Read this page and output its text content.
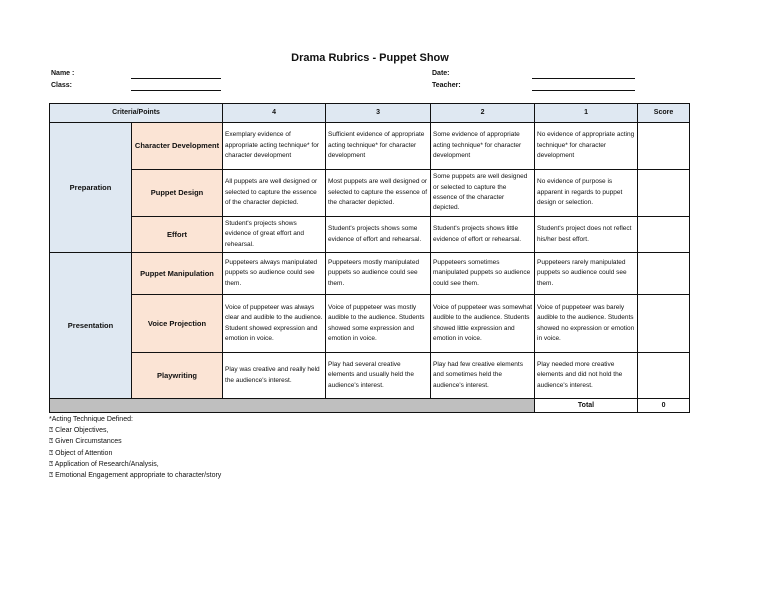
Drama Rubrics - Puppet Show
Name :
Class:
Date:
Teacher:
Criteria/Points		4	3	2	1	Score
Preparation	Character Development	Exemplary evidence of appropriate acting technique* for character development	Sufficient evidence of appropriate acting technique* for character development	Some evidence of appropriate acting technique* for character development	No evidence of appropriate acting technique* for character development	
	Puppet Design	All puppets are well designed or selected to capture the essence of the character depicted.	Most puppets are well designed or selected to capture the essence of the character depicted.	Some puppets are well designed or selected to capture the essence of the character depicted.	No evidence of purpose is apparent in regards to puppet design or selection.	
	Effort	Student's projects shows evidence of great effort and rehearsal.	Student's projects shows some evidence of effort and rehearsal.	Student's projects shows little evidence of effort or rehearsal.	Student's project does not reflect his/her best effort.	
Presentation	Puppet Manipulation	Puppeteers always manipulated puppets so audience could see them.	Puppeteers mostly manipulated puppets so audience could see them.	Puppeteers sometimes manipulated puppets so audience could see them.	Puppeteers rarely manipulated puppets so audience could see them.	
	Voice Projection	Voice of puppeteer was always clear and audible to the audience. Student showed expression and emotion in voice.	Voice of puppeteer was mostly audible to the audience. Students showed some expression and emotion in voice.	Voice of puppeteer was somewhat audible to the audience. Students showed little expression and emotion in voice.	Voice of puppeteer was barely audible to the audience. Students showed no expression or emotion in voice.	
	Playwriting	Play was creative and really held the audience's interest.	Play had several creative elements and usually held the audience's interest.	Play had few creative elements and sometimes held the audience's interest.	Play needed more creative elements and did not hold the audience's interest.	
					Total	0
*Acting Technique Defined:
⍰ Clear Objectives,
⍰ Given Circumstances
⍰ Object of Attention
⍰ Application of Research/Analysis,
⍰ Emotional Engagement appropriate to character/story
